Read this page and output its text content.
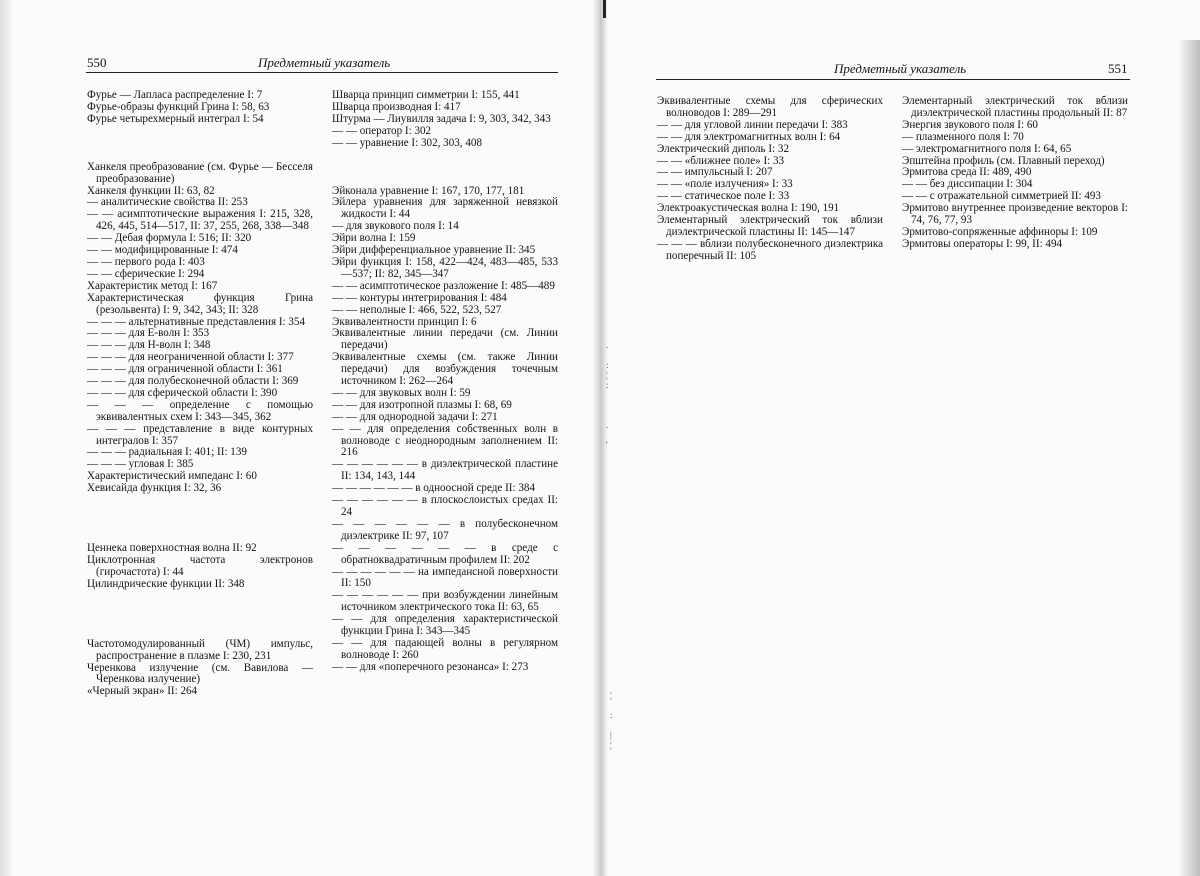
550	Предметный указатель
Фурье — Лапласа распределение I: 7
Фурье-образы функций Грина I: 58, 63
Фурье четырехмерный интеграл I: 54
Ханкеля преобразование (см. Фурье — Бесселя преобразование)
Ханкеля функции II: 63, 82
— аналитические свойства II: 253
— — асимптотические выражения I: 215, 328, 426, 445, 514—517, II: 37, 255, 268, 338—348
— — Дебая формула I: 516; II: 320
— — модифицированные I: 474
— — первого рода I: 403
— — сферические I: 294
Характеристик метод I: 167
Характеристическая функция Грина (резольвента) I: 9, 342, 343; II: 328
— — — альтернативные представления I: 354
— — — для Е-волн I: 353
— — — для Н-волн I: 348
— — — для неограниченной области I: 377
— — — для ограниченной области I: 361
— — — для полубесконечной области I: 369
— — — для сферической области I: 390
— — — определение с помощью эквивалентных схем I: 343—345, 362
— — — представление в виде контурных интегралов I: 357
— — — радиальная I: 401; II: 139
— — — угловая I: 385
Характеристический импеданс I: 60
Хевисайда функция I: 32, 36
Ценнека поверхностная волна II: 92
Циклотронная частота электронов (гирочастота) I: 44
Цилиндрические функции II: 348
Частотомодулированный (ЧМ) импульс, распространение в плазме I: 230, 231
Черенкова излучение (см. Вавилова — Черенкова излучение)
«Черный экран» II: 264
Шварца принцип симметрии I: 155, 441
Шварца производная I: 417
Штурма — Лиувилля задача I: 9, 303, 342, 343
— — оператор I: 302
— — уравнение I: 302, 303, 408
Эйконала уравнение I: 167, 170, 177, 181
Эйлера уравнения для заряженной невязкой жидкости I: 44
— для звукового поля I: 14
Эйри волна I: 159
Эйри дифференциальное уравнение II: 345
Эйри функция I: 158, 422—424, 483—485, 533—537; II: 82, 345—347
— — асимптотическое разложение I: 485—489
— — контуры интегрирования I: 484
— — неполные I: 466, 522, 523, 527
Эквивалентности принцип I: 6
Эквивалентные линии передачи (см. Линии передачи)
Эквивалентные схемы (см. также Линии передачи) для возбуждения точечным источником I: 262—264
— — для звуковых волн I: 59
— — для изотропной плазмы I: 68, 69
— — для однородной задачи I: 271
— — для определения собственных волн в волноводе с неоднородным заполнением II: 216
— — — — — — в диэлектрической пластине II: 134, 143, 144
— — — — — — в одноосной среде II: 384
— — — — — — в плоскослоистых средах II: 24
— — — — — — в полубесконечном диэлектрике II: 97, 107
— — — — — — в среде с обратноквадратичным профилем II: 202
— — — — — — на импедансной поверхности II: 150
— — — — — — при возбуждении линейным источником электрического тока II: 63, 65
— — для определения характеристической функции Грина I: 343—345
— — для падающей волны в регулярном волноводе I: 260
— — для «поперечного резонанса» I: 273
Предметный указатель	551
Эквивалентные схемы для сферических волноводов I: 289—291
— — для угловой линии передачи I: 383
— — для электромагнитных волн I: 64
Электрический диполь I: 32
— — «ближнее поле» I: 33
— — импульсный I: 207
— — «поле излучения» I: 33
— — статическое поле I: 33
Электроакустическая волна I: 190, 191
Элементарный электрический ток вблизи диэлектрической пластины II: 145—147
— — — вблизи полубесконечного диэлектрика поперечный II: 105
Элементарный электрический ток вблизи диэлектрической пластины продольный II: 87
Энергия звукового поля I: 60
— плазменного поля I: 70
— электромагнитного поля I: 64, 65
Эпштейна профиль (см. Плавный переход)
Эрмитова среда II: 489, 490
— — без диссипации I: 304
— — с отражательной симметрией II: 493
Эрмитово внутреннее произведение векторов I: 74, 76, 77, 93
Эрмитово-сопряженные аффиноры I: 109
Эрмитовы операторы I: 99, II: 494
.

:
¦
:

.

'
¦

:

|
¦
